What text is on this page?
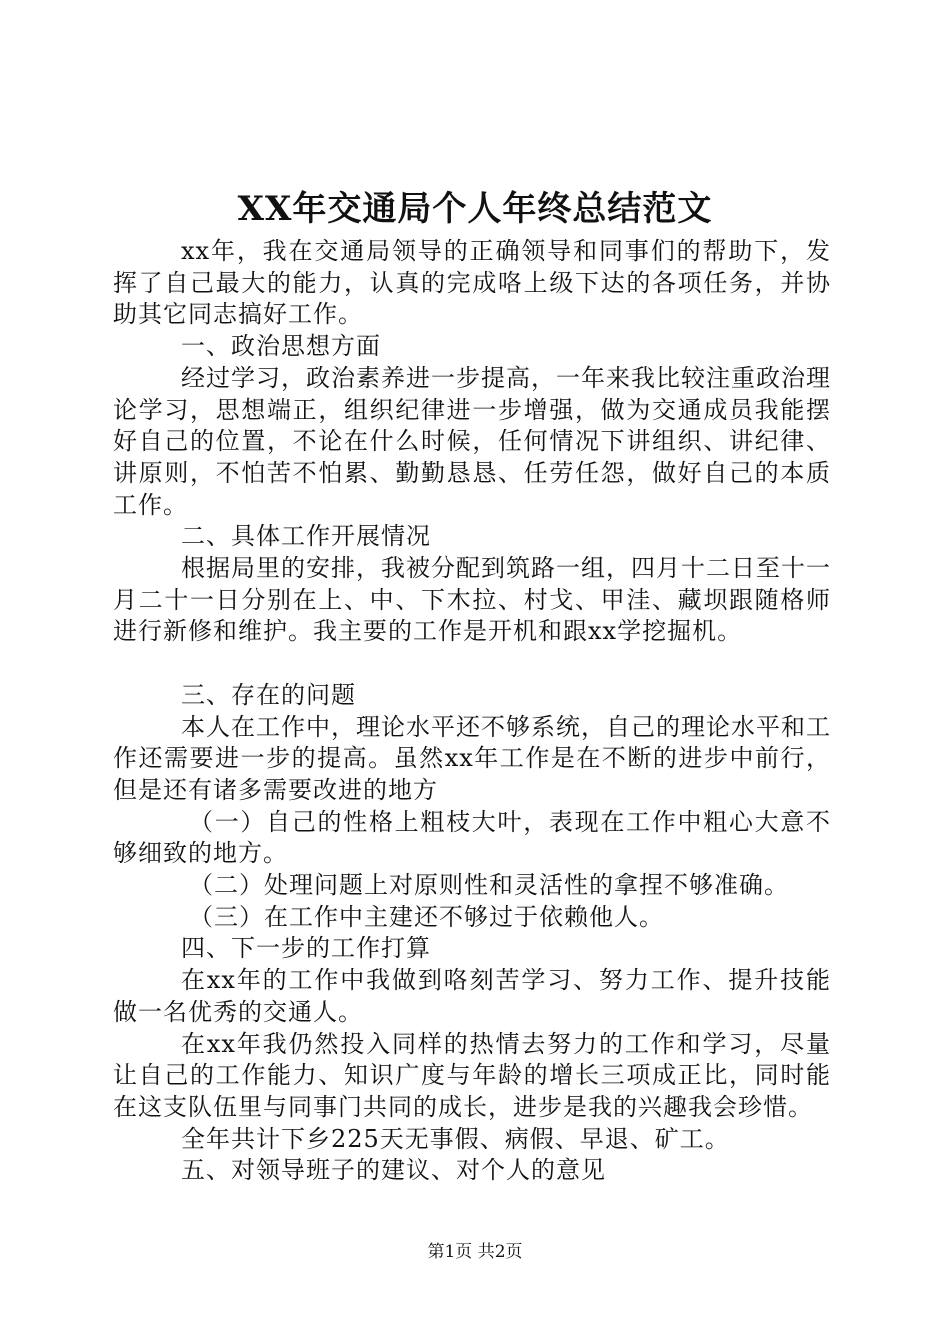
XX年交通局个人年终总结范文

xx年，我在交通局领导的正确领导和同事们的帮助下，发挥了自己最大的能力，认真的完成咯上级下达的各项任务，并协助其它同志搞好工作。

一、政治思想方面

经过学习，政治素养进一步提高，一年来我比较注重政治理论学习，思想端正，组织纪律进一步增强，做为交通成员我能摆好自己的位置，不论在什么时候，任何情况下讲组织、讲纪律、讲原则，不怕苦不怕累、勤勤恳恳、任劳任怨，做好自己的本质工作。

二、具体工作开展情况

根据局里的安排，我被分配到筑路一组，四月十二日至十一月二十一日分别在上、中、下木拉、村戈、甲洼、藏坝跟随格师进行新修和维护。我主要的工作是开机和跟xx学挖掘机。

三、存在的问题

本人在工作中，理论水平还不够系统，自己的理论水平和工作还需要进一步的提高。虽然xx年工作是在不断的进步中前行，但是还有诸多需要改进的地方

（一）自己的性格上粗枝大叶，表现在工作中粗心大意不够细致的地方。

（二）处理问题上对原则性和灵活性的拿捏不够准确。

（三）在工作中主建还不够过于依赖他人。

四、下一步的工作打算

在xx年的工作中我做到咯刻苦学习、努力工作、提升技能做一名优秀的交通人。

在xx年我仍然投入同样的热情去努力的工作和学习，尽量让自己的工作能力、知识广度与年龄的增长三项成正比，同时能在这支队伍里与同事门共同的成长，进步是我的兴趣我会珍惜。

全年共计下乡225天无事假、病假、早退、矿工。

五、对领导班子的建议、对个人的意见

第1页 共2页
